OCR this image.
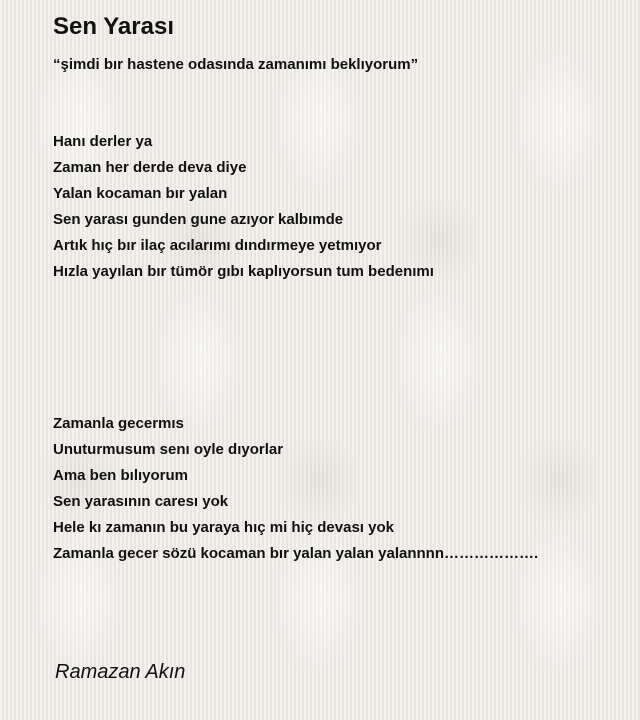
Sen Yarası

“şimdi bır hastene odasında zamanımı beklıyorum”

Hanı derler ya
Zaman her derde deva diye
Yalan kocaman bır yalan
Sen yarası gunden gune azıyor kalbımde
Artık hıç bır ilaç acılarımı dındırmeye yetmıyor
Hızla yayılan bır tümör gıbı kaplıyorsun tum bedenımı
Zamanla gecermıs
Unuturmusum senı oyle dıyorlar
Ama ben bılıyorum
Sen yarasının caresı yok
Hele kı zamanın bu yaraya hıç mi hiç devası yok
Zamanla gecer sözü kocaman bır yalan yalan yalannnn……………….

Ramazan Akın
